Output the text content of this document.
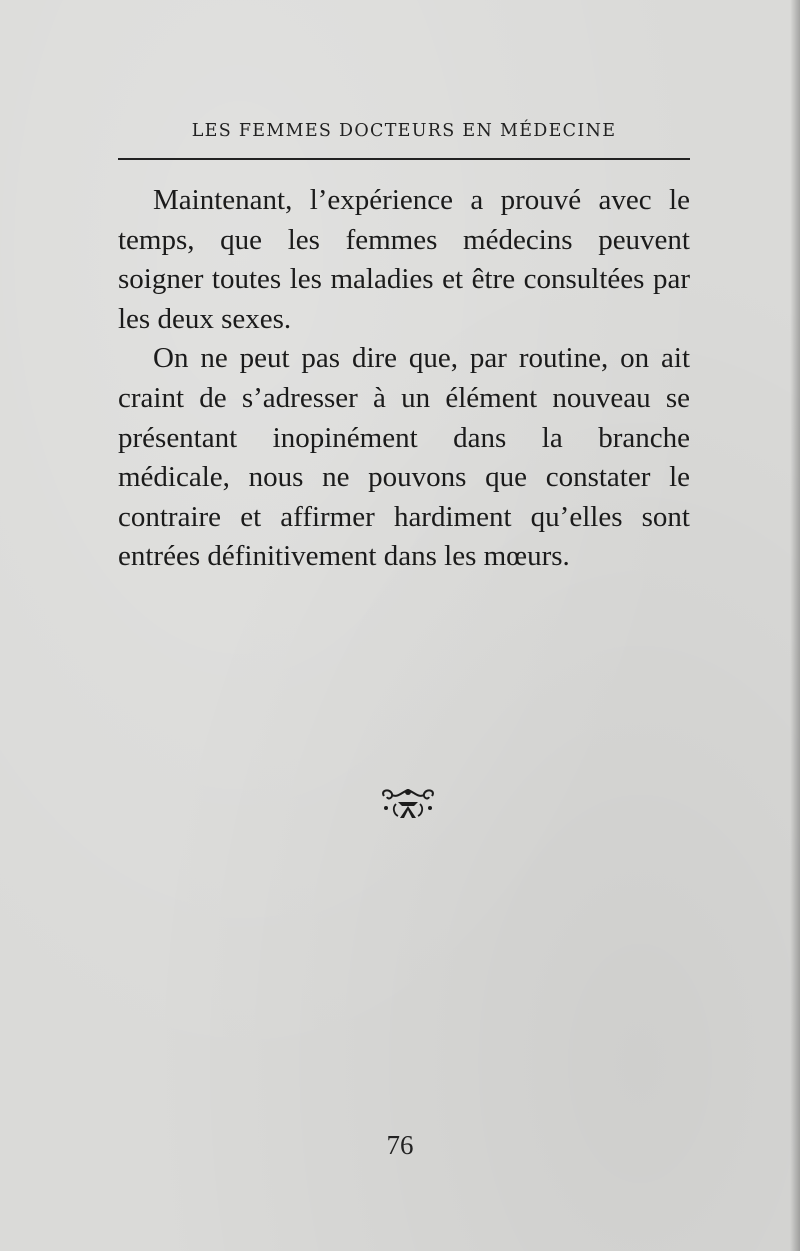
LES FEMMES DOCTEURS EN MÉDECINE

Maintenant, l’expérience a prouvé avec le temps, que les femmes médecins peuvent soigner toutes les maladies et être consultées par les deux sexes.

On ne peut pas dire que, par routine, on ait craint de s’adresser à un élément nouveau se présentant inopinément dans la branche médicale, nous ne pouvons que constater le contraire et affirmer hardiment qu’elles sont entrées définitivement dans les mœurs.

76
